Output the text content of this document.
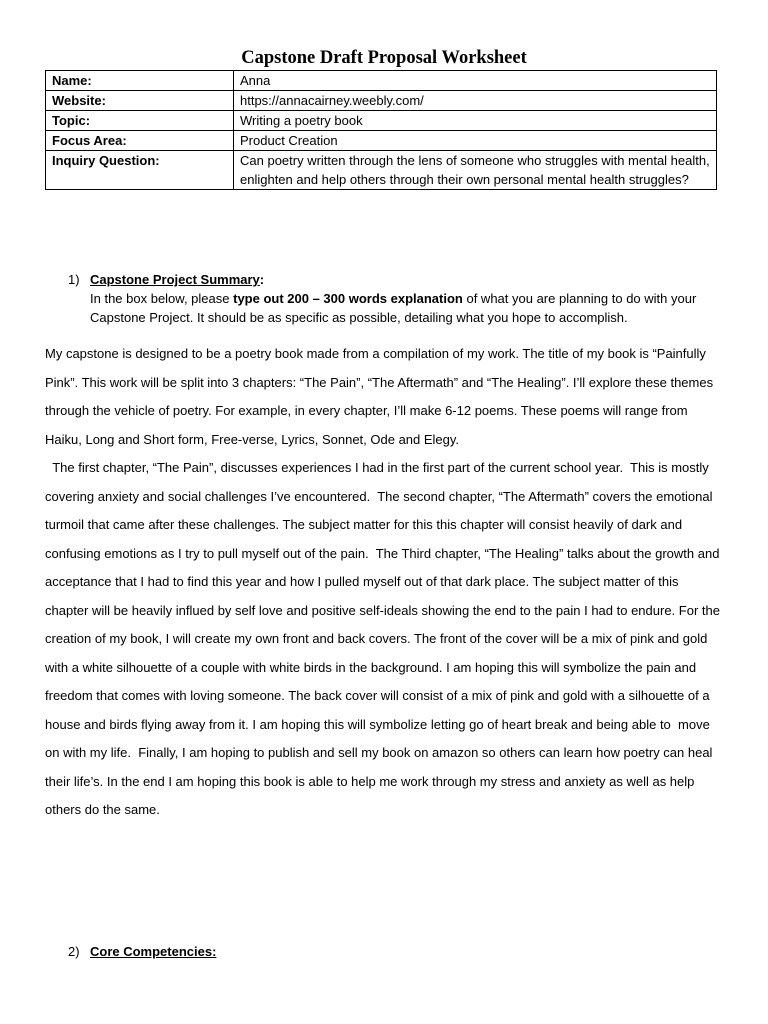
Capstone Draft Proposal Worksheet
Name:	Anna
Website:	https://annacairney.weebly.com/
Topic:	Writing a poetry book
Focus Area:	Product Creation
Inquiry Question:	Can poetry written through the lens of someone who struggles with mental health, enlighten and help others through their own personal mental health struggles?
1) Capstone Project Summary:
In the box below, please type out 200 – 300 words explanation of what you are planning to do with your Capstone Project. It should be as specific as possible, detailing what you hope to accomplish.

My capstone is designed to be a poetry book made from a compilation of my work. The title of my book is “Painfully Pink”. This work will be split into 3 chapters: “The Pain”, “The Aftermath” and “The Healing”. I’ll explore these themes through the vehicle of poetry. For example, in every chapter, I’ll make 6-12 poems. These poems will range from Haiku, Long and Short form, Free-verse, Lyrics, Sonnet, Ode and Elegy.

The first chapter, “The Pain”, discusses experiences I had in the first part of the current school year.  This is mostly covering anxiety and social challenges I’ve encountered.  The second chapter, “The Aftermath” covers the emotional turmoil that came after these challenges. The subject matter for this this chapter will consist heavily of dark and confusing emotions as I try to pull myself out of the pain.  The Third chapter, “The Healing” talks about the growth and acceptance that I had to find this year and how I pulled myself out of that dark place. The subject matter of this chapter will be heavily influed by self love and positive self-ideals showing the end to the pain I had to endure. For the creation of my book, I will create my own front and back covers. The front of the cover will be a mix of pink and gold with a white silhouette of a couple with white birds in the background. I am hoping this will symbolize the pain and freedom that comes with loving someone. The back cover will consist of a mix of pink and gold with a silhouette of a house and birds flying away from it. I am hoping this will symbolize letting go of heart break and being able to  move on with my life.  Finally, I am hoping to publish and sell my book on amazon so others can learn how poetry can heal their life’s. In the end I am hoping this book is able to help me work through my stress and anxiety as well as help others do the same.

2) Core Competencies:
